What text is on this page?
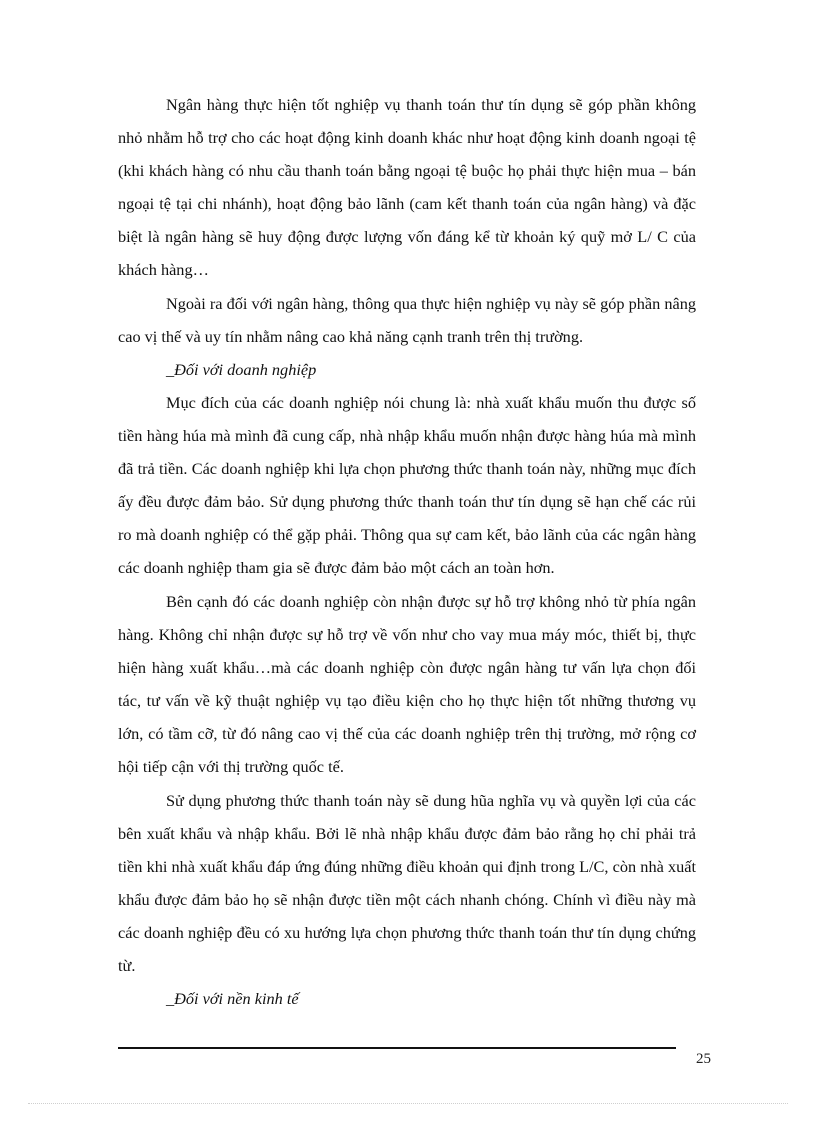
Ngân hàng thực hiện tốt nghiệp vụ thanh toán thư tín dụng sẽ góp phần không nhỏ nhằm hỗ trợ cho các hoạt động kinh doanh khác như hoạt động kinh doanh ngoại tệ (khi khách hàng có nhu cầu thanh toán bằng ngoại tệ buộc họ phải thực hiện mua – bán ngoại tệ tại chi nhánh), hoạt động bảo lãnh (cam kết thanh toán của ngân hàng) và đặc biệt là ngân hàng sẽ huy động được lượng vốn đáng kể từ khoản ký quỹ mở L/ C của khách hàng…

Ngoài ra đối với ngân hàng, thông qua thực hiện nghiệp vụ này sẽ góp phần nâng cao vị thế và uy tín nhằm nâng cao khả năng cạnh tranh trên thị trường.

_Đối với doanh nghiệp

Mục đích của các doanh nghiệp nói chung là: nhà xuất khẩu muốn thu được số tiền hàng húa mà mình đã cung cấp, nhà nhập khẩu muốn nhận được hàng húa mà mình đã trả tiền. Các doanh nghiệp khi lựa chọn phương thức thanh toán này, những mục đích ấy đều được đảm bảo. Sử dụng phương thức thanh toán thư tín dụng sẽ hạn chế các rủi ro mà doanh nghiệp có thể gặp phải. Thông qua sự cam kết, bảo lãnh của các ngân hàng các doanh nghiệp tham gia sẽ được đảm bảo một cách an toàn hơn.

Bên cạnh đó các doanh nghiệp còn nhận được sự hỗ trợ không nhỏ từ phía ngân hàng. Không chỉ nhận được sự hỗ trợ về vốn như cho vay mua máy móc, thiết bị, thực hiện hàng xuất khẩu…mà các doanh nghiệp còn được ngân hàng tư vấn lựa chọn đối tác, tư vấn về kỹ thuật nghiệp vụ tạo điều kiện cho họ thực hiện tốt những thương vụ lớn, có tầm cỡ, từ đó nâng cao vị thế của các doanh nghiệp trên thị trường, mở rộng cơ hội tiếp cận với thị trường quốc tế.

Sử dụng phương thức thanh toán này sẽ dung hũa nghĩa vụ và quyền lợi của các bên xuất khẩu và nhập khẩu. Bởi lẽ nhà nhập khẩu được đảm bảo rằng họ chỉ phải trả tiền khi nhà xuất khẩu đáp ứng đúng những điều khoản qui định trong L/C, còn nhà xuất khẩu được đảm bảo họ sẽ nhận được tiền một cách nhanh chóng. Chính vì điều này mà các doanh nghiệp đều có xu hướng lựa chọn phương thức thanh toán thư tín dụng chứng từ.

_Đối với nền kinh tế

25
